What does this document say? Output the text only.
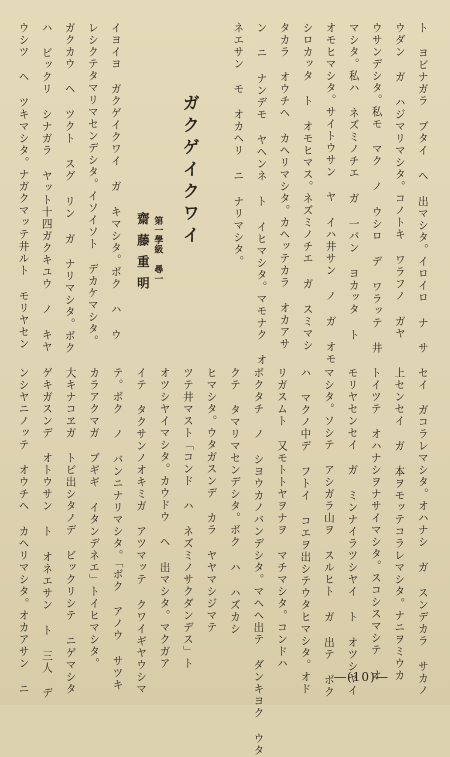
ト ヨビナガラ ブタイ ヘ 出マシタ。イロイロ ナ サ
ウダン ガ ハジマリマシタ。コノトキ ワラフノ ガヤ
ウサンデシタ。私モ マク ノ ウシロ デ ワラッテ 井
マシタ。私ハ ネズミノチエ ガ 一バン ヨカッタ ト
オモヒマシタ。サイトウサン ヤ イハ井サン ノ ガ オモ
シロカッタ ト オモヒマス。ネズミノチエ ガ スミマシ
タカラ オウチヘ カヘリマシタ。カヘッテカラ オカアサ
ン ニ ナンデモ ヤヘンネ ト イヒマシタ。マモナク オ
ネエサン モ オカヘリ ニ ナリマシタ。
ガクゲイクワイ
第一學級 尋一
齋藤重明
イヨイヨ ガクゲイクワイ ガ キマシタ。ボク ハ ウ
レシクテタマリマセンデシタ。イソイソト デカケマシタ。
ガクカウ ヘ ツクト スグ リン ガ ナリマシタ。ボク
ハ ビックリ シナガラ ヤット十四ガクキユウ ノ キヤ
ウシツ ヘ ツキマシタ。ナガクマッテ井ルト モリヤセン
セイ ガコラレマシタ。オハナシ ガ スンデカラ サカノ
上センセイ ガ 本ヲモッテコラレマシタ。ナニヲミウカ
トイツテ オハナシヲナサイマシタ。スコシスマシテ オ
モリヤセンセイ ガ ミンナイラツシヤイ ト オツシヤイ
マシタ。ソシテ アシガラ山ヲ スルヒト ガ 出テ ボク
ハ マクノ中デ フトイ コエヲ出シテウタヒマシタ。オド
リガスムト 又モトトヤヲナヲ マチマシタ。コンドハ
ボクタチ ノ シヨウカノバンデシタ。マヘヘ出テ ダンキヨク ウタ
クテ タマリマセンデシタ。ボク ハ ハズカシ
ヒマシタ。ウタガスンデ カラ ヤヤマシジマテ
ツテ井マスト「コンド ハ ネズミノサクダンデス」ト
オツシヤイマシタ。カウドウ ヘ 出マシタ。マクガア
イテ タクサンノオキミガ アツマッテ クワイギヤウシマ
テ。ボク ノ バンニナリマシタ。「ボク アノウ サツキ
カラアクマガ ブギギ イタンデネエ」トイヒマシタ。
大キナコヱガ トビ出シタノデ ビックリシテ ニゲマシタ
ゲキガスンデ オトウサン ト オネエサン ト 三人 デ
ンシヤニノッテ オウチヘ カヘリマシタ。オカアサン ニ	―(10)―
